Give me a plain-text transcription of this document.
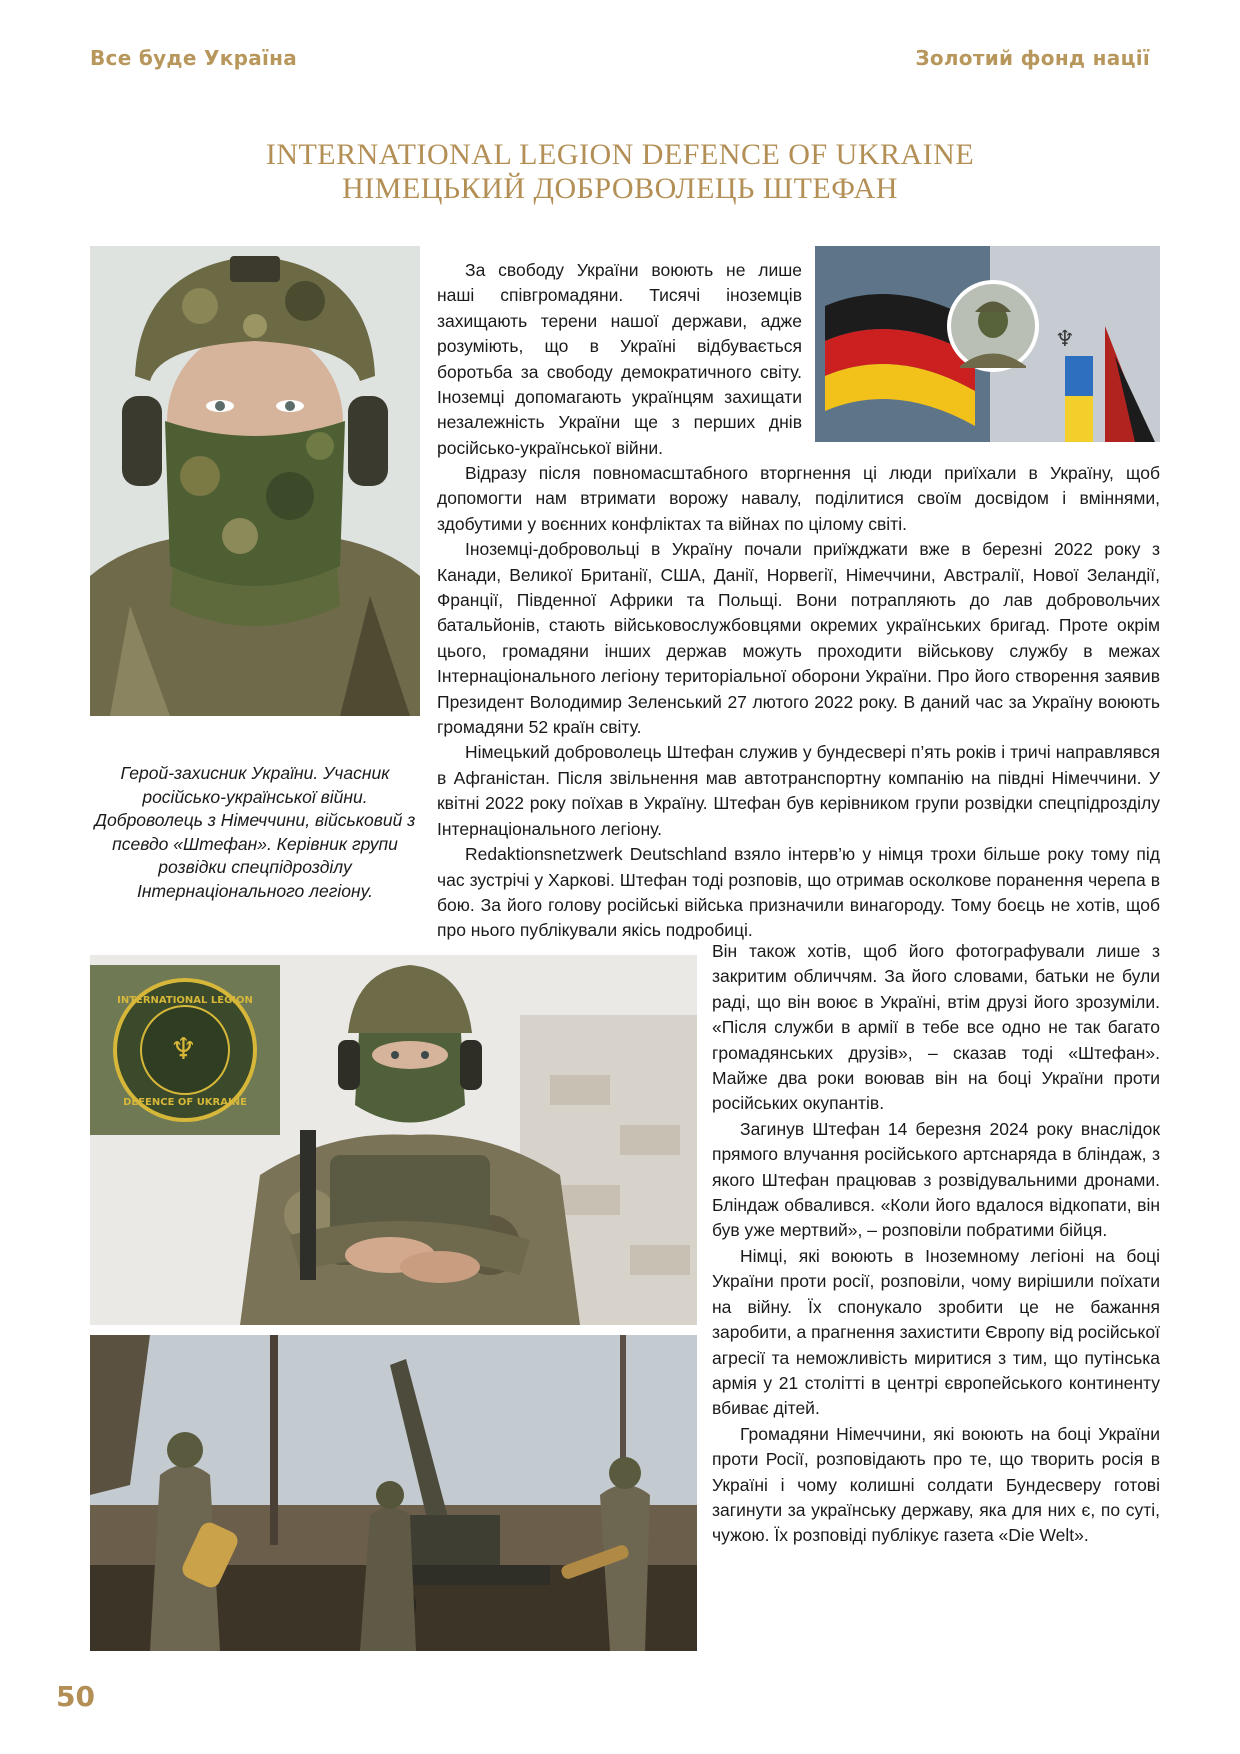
Все буде Україна	Золотий фонд нації
INTERNATIONAL LEGION DEFENCE OF UKRAINE
НІМЕЦЬКИЙ ДОБРОВОЛЕЦЬ ШТЕФАН
♆
Герой-захисник України. Учасник російсько-української війни. Доброволець з Німеччини, військовий з псевдо «Штефан». Керівник групи розвідки спецпідрозділу Інтернаціонального легіону.
INTERNATIONAL LEGION
DEFENCE OF UKRAINE
♆

За свободу України воюють не лише наші співгромадяни. Тисячі іноземців захищають терени нашої держави, адже розуміють, що в Україні відбувається боротьба за свободу демократичного світу. Іноземці допомагають українцям захищати незалежність України ще з перших днів російсько-української війни.

Відразу після повномасштабного вторгнення ці люди приїхали в Україну, щоб допомогти нам втримати ворожу навалу, поділитися своїм досвідом і вміннями, здобутими у воєнних конфліктах та війнах по цілому світі.

Іноземці-добровольці в Україну почали приїжджати вже в березні 2022 року з Канади, Великої Британії, США, Данії, Норвегії, Німеччини, Австралії, Нової Зеландії, Франції, Південної Африки та Польщі. Вони потрапляють до лав добровольчих батальйонів, стають військовослужбовцями окремих українських бригад. Проте окрім цього, громадяни інших держав можуть проходити військову службу в межах Інтернаціонального легіону територіальної оборони України. Про його створення заявив Президент Володимир Зеленський 27 лютого 2022 року. В даний час за Україну воюють громадяни 52 країн світу.

Німецький доброволець Штефан служив у бундесвері п’ять років і тричі направлявся в Афганістан. Після звільнення мав автотранспортну компанію на півдні Німеччини. У квітні 2022 року поїхав в Україну. Штефан був керівником групи розвідки спецпідрозділу Інтернаціонального легіону.

Redaktionsnetzwerk Deutschland взяло інтерв’ю у німця трохи більше року тому під час зустрічі у Харкові. Штефан тоді розповів, що отримав осколкове поранення черепа в бою. За його голову російські війська призначили винагороду. Тому боєць не хотів, щоб про нього публікували якісь подробиці.

Він також хотів, щоб його фотографували лише з закритим обличчям. За його словами, батьки не були раді, що він воює в Україні, втім друзі його зрозуміли. «Після служби в армії в тебе все одно не так багато громадянських друзів», – сказав тоді «Штефан». Майже два роки воював він на боці України проти російських окупантів.

Загинув Штефан 14 березня 2024 року внаслідок прямого влучання російського артснаряда в бліндаж, з якого Штефан працював з розвідувальними дронами. Бліндаж обвалився. «Коли його вдалося відкопати, він був уже мертвий», – розповіли побратими бійця.

Німці, які воюють в Іноземному легіоні на боці України проти росії, розповіли, чому вирішили поїхати на війну. Їх спонукало зробити це не бажання заробити, а прагнення захистити Європу від російської агресії та неможливість миритися з тим, що путінська армія у 21 столітті в центрі європейського континенту вбиває дітей.

Громадяни Німеччини, які воюють на боці України проти Росії, розповідають про те, що творить росія в Україні і чому колишні солдати Бундесверу готові загинути за українську державу, яка для них є, по суті, чужою. Їх розповіді публікує газета «Die Welt».

50
